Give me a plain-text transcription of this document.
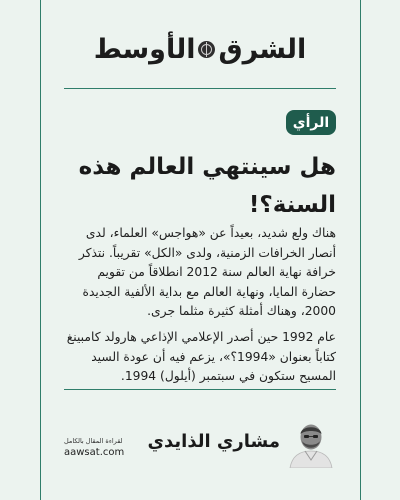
الشرق
الأوسط
الرأي
هل سينتهي العالم هذه السنة؟!

هناك ولع شديد، بعيداً عن «هواجس» العلماء، لدى أنصار الخرافات الزمنية، ولدى «الكل» تقريباً. نتذكر خرافة نهاية العالم سنة 2012 انطلاقاً من تقويم حضارة المايا، ونهاية العالم مع بداية الألفية الجديدة 2000، وهناك أمثلة كثيرة مثلما جرى.

عام 1992 حين أصدر الإعلامي الإذاعي هارولد كامبينغ كتاباً بعنوان «1994؟»، يزعم فيه أن عودة السيد المسيح ستكون في سبتمبر (أيلول) 1994.

مشاري الذايدي

لقراءة المقال بالكامل
aawsat.com
